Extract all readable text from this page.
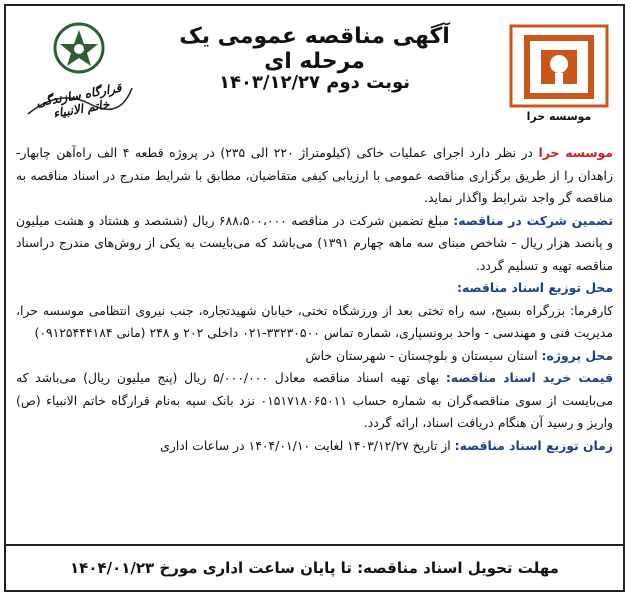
موسسه حرا
آگهی مناقصه عمومی یک مرحله ای
نوبت دوم ۱۴۰۳/۱۲/۲۷
قرارگاه سازندگی خاتم الانبیاء

موسسه حرا در نظر دارد اجرای عملیات خاکی (کیلومتراژ ۲۲۰ الی ۲۳۵) در پروژه قطعه ۴ الف راه‌آهن چابهار- زاهدان را از طریق برگزاری مناقصه عمومی با ارزیابی کیفی متقاضیان، مطابق با شرایط مندرج در اسناد مناقصه به مناقصه گر واجد شرایط واگذار نماید.

تضمین شرکت در مناقصه: مبلغ تضمین شرکت در مناقصه ۶۸۸،۵۰۰،۰۰۰ ریال (ششصد و هشتاد و هشت میلیون و پانصد هزار ریال - شاخص مبنای سه ماهه چهارم ۱۳۹۱) می‌باشد که می‌بایست به یکی از روش‌های مندرج دراسناد مناقصه تهیه و تسلیم گردد.

محل توزیع اسناد مناقصه:

کارفرما: بزرگراه بسیج، سه راه تختی بعد از ورزشگاه تختی، خیابان شهیدتجاره، جنب نیروی انتظامی موسسه حرا، مدیریت فنی و مهندسی - واحد برونسپاری، شماره تماس ۳۳۲۳۰۵۰۰-۰۲۱ داخلی ۲۰۲ و ۲۴۸ (مانی ۰۹۱۲۵۴۴۴۱۸۴)

محل پروژه: استان سیستان و بلوچستان - شهرستان خاش

قیمت خرید اسناد مناقصه: بهای تهیه اسناد مناقصه معادل ۵/۰۰۰/۰۰۰ ریال (پنج میلیون ریال) می‌باشد که می‌بایست از سوی مناقصه‌گران به شماره حساب ۰۱۵۱۷۱۸۰۶۵۰۱۱ نزد بانک سپه به‌نام قرارگاه خاتم الانبیاء (ص) واریز و رسید آن هنگام دریافت اسناد، ارائه گردد.

زمان توزیع اسناد مناقصه: از تاریخ ۱۴۰۳/۱۲/۲۷ لغایت ۱۴۰۴/۰۱/۱۰ در ساعات اداری

مهلت تحویل اسناد مناقصه: تا پایان ساعت اداری مورخ ۱۴۰۴/۰۱/۲۳
